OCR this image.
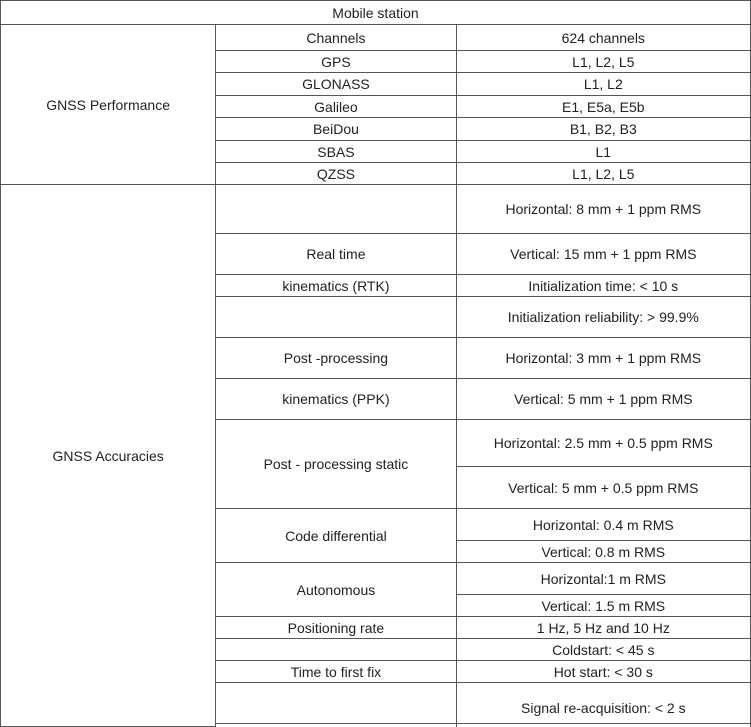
Mobile station		
GNSS Performance	Channels	624 channels
	GPS	L1, L2, L5
	GLONASS	L1, L2
	Galileo	E1, E5a, E5b
	BeiDou	B1, B2, B3
	SBAS	L1
	QZSS	L1, L2, L5
GNSS Accuracies		Horizontal: 8 mm + 1 ppm RMS
	Real time	Vertical: 15 mm + 1 ppm RMS
	kinematics (RTK)	Initialization time: < 10 s
		Initialization reliability: > 99.9%
	Post -processing	Horizontal: 3 mm + 1 ppm RMS
	kinematics (PPK)	Vertical: 5 mm + 1 ppm RMS
	Post - processing static	Horizontal: 2.5 mm + 0.5 ppm RMS
		Vertical: 5 mm + 0.5 ppm RMS
	Code differential	Horizontal: 0.4 m RMS
		Vertical: 0.8 m RMS
	Autonomous	Horizontal:1 m RMS
		Vertical: 1.5 m RMS
	Positioning rate	1 Hz, 5 Hz and 10 Hz
		Coldstart: < 45 s
	Time to first fix	Hot start: < 30 s
		Signal re-acquisition: < 2 s
